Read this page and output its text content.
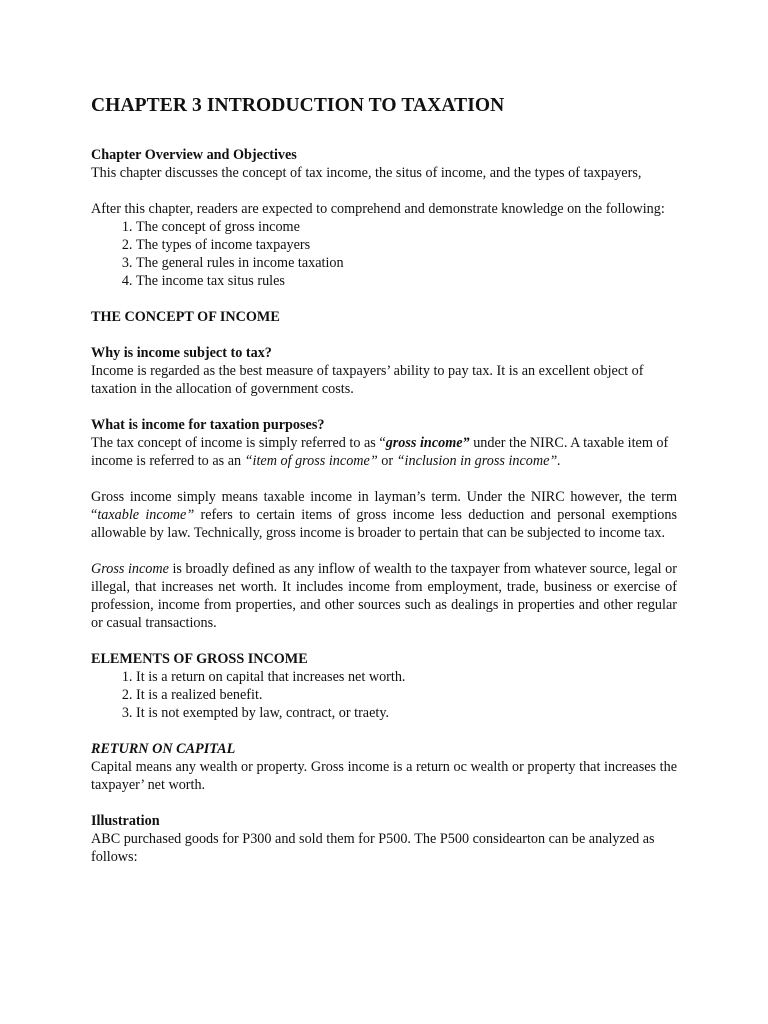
CHAPTER 3 INTRODUCTION TO TAXATION
Chapter Overview and Objectives

This chapter discusses the concept of tax income, the situs of income, and the types of taxpayers,

After this chapter, readers are expected to comprehend and demonstrate knowledge on the following:

1. The concept of gross income
2. The types of income taxpayers
3. The general rules in income taxation
4. The income tax situs rules
THE CONCEPT OF INCOME
Why is income subject to tax?

Income is regarded as the best measure of taxpayers’ ability to pay tax. It is an excellent object of taxation in the allocation of government costs.

What is income for taxation purposes?

The tax concept of income is simply referred to as “gross income” under the NIRC. A taxable item of income is referred to as an “item of gross income” or “inclusion in gross income”.

Gross income simply means taxable income in layman’s term. Under the NIRC however, the term “taxable income” refers to certain items of gross income less deduction and personal exemptions allowable by law. Technically, gross income is broader to pertain that can be subjected to income tax.

Gross income is broadly defined as any inflow of wealth to the taxpayer from whatever source, legal or illegal, that increases net worth. It includes income from employment, trade, business or exercise of profession, income from properties, and other sources such as dealings in properties and other regular or casual transactions.

ELEMENTS OF GROSS INCOME
1. It is a return on capital that increases net worth.
2. It is a realized benefit.
3. It is not exempted by law, contract, or traety.
RETURN ON CAPITAL

Capital means any wealth or property. Gross income is a return oc wealth or property that increases the taxpayer’ net worth.

Illustration

ABC purchased goods for P300 and sold them for P500. The P500 considearton can be analyzed as follows:
